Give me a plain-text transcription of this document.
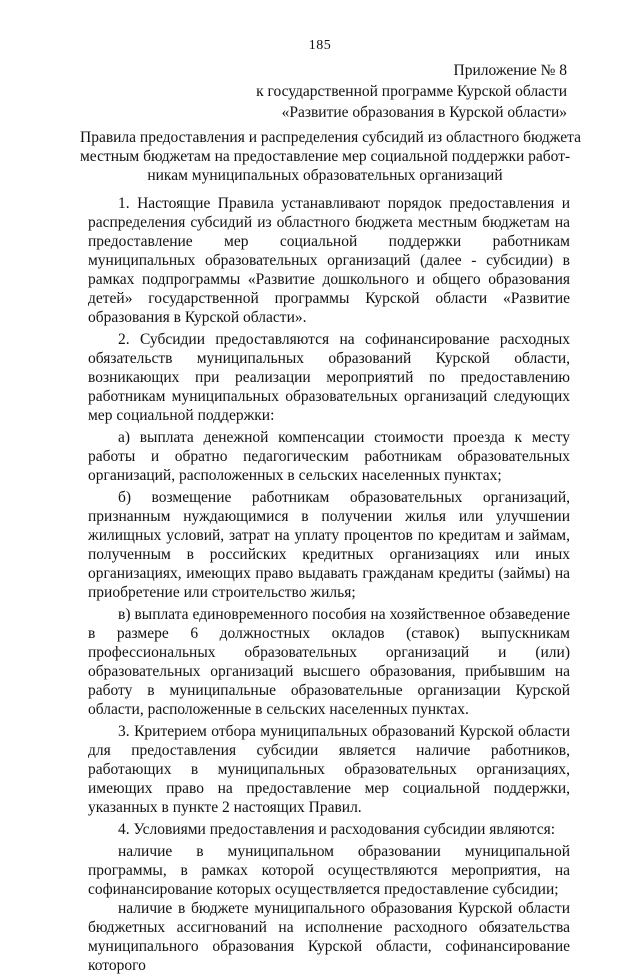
185
Приложение № 8
к государственной программе Курской области
«Развитие образования в Курской области»
Правила предоставления и распределения субсидий из областного бюджета
местным бюджетам на предоставление мер социальной поддержки работ-
никам муниципальных образовательных организаций

1. Настоящие Правила устанавливают порядок предоставления и распределения субсидий из областного бюджета местным бюджетам на предоставление мер социальной поддержки работникам муниципальных образовательных организаций (далее - субсидии) в рамках подпрограммы «Развитие дошкольного и общего образования детей» государственной программы Курской области «Развитие образования в Курской области».

2. Субсидии предоставляются на софинансирование расходных обязательств муниципальных образований Курской области, возникающих при реализации мероприятий по предоставлению работникам муниципальных образовательных организаций следующих мер социальной поддержки:

а) выплата денежной компенсации стоимости проезда к месту работы и обратно педагогическим работникам образовательных организаций, расположенных в сельских населенных пунктах;

б) возмещение работникам образовательных организаций, признанным нуждающимися в получении жилья или улучшении жилищных условий, затрат на уплату процентов по кредитам и займам, полученным в российских кредитных организациях или иных организациях, имеющих право выдавать гражданам кредиты (займы) на приобретение или строительство жилья;

в) выплата единовременного пособия на хозяйственное обзаведение в размере 6 должностных окладов (ставок) выпускникам профессиональных образовательных организаций и (или) образовательных организаций высшего образования, прибывшим на работу в муниципальные образовательные организации Курской области, расположенные в сельских населенных пунктах.

3. Критерием отбора муниципальных образований Курской области для предоставления субсидии является наличие работников, работающих в муниципальных образовательных организациях, имеющих право на предоставление мер социальной поддержки, указанных в пункте 2 настоящих Правил.

4. Условиями предоставления и расходования субсидии являются:

наличие в муниципальном образовании муниципальной программы, в рамках которой осуществляются мероприятия, на софинансирование которых осуществляется предоставление субсидии;

наличие в бюджете муниципального образования Курской области бюджетных ассигнований на исполнение расходного обязательства муниципального образования Курской области, софинансирование которого
